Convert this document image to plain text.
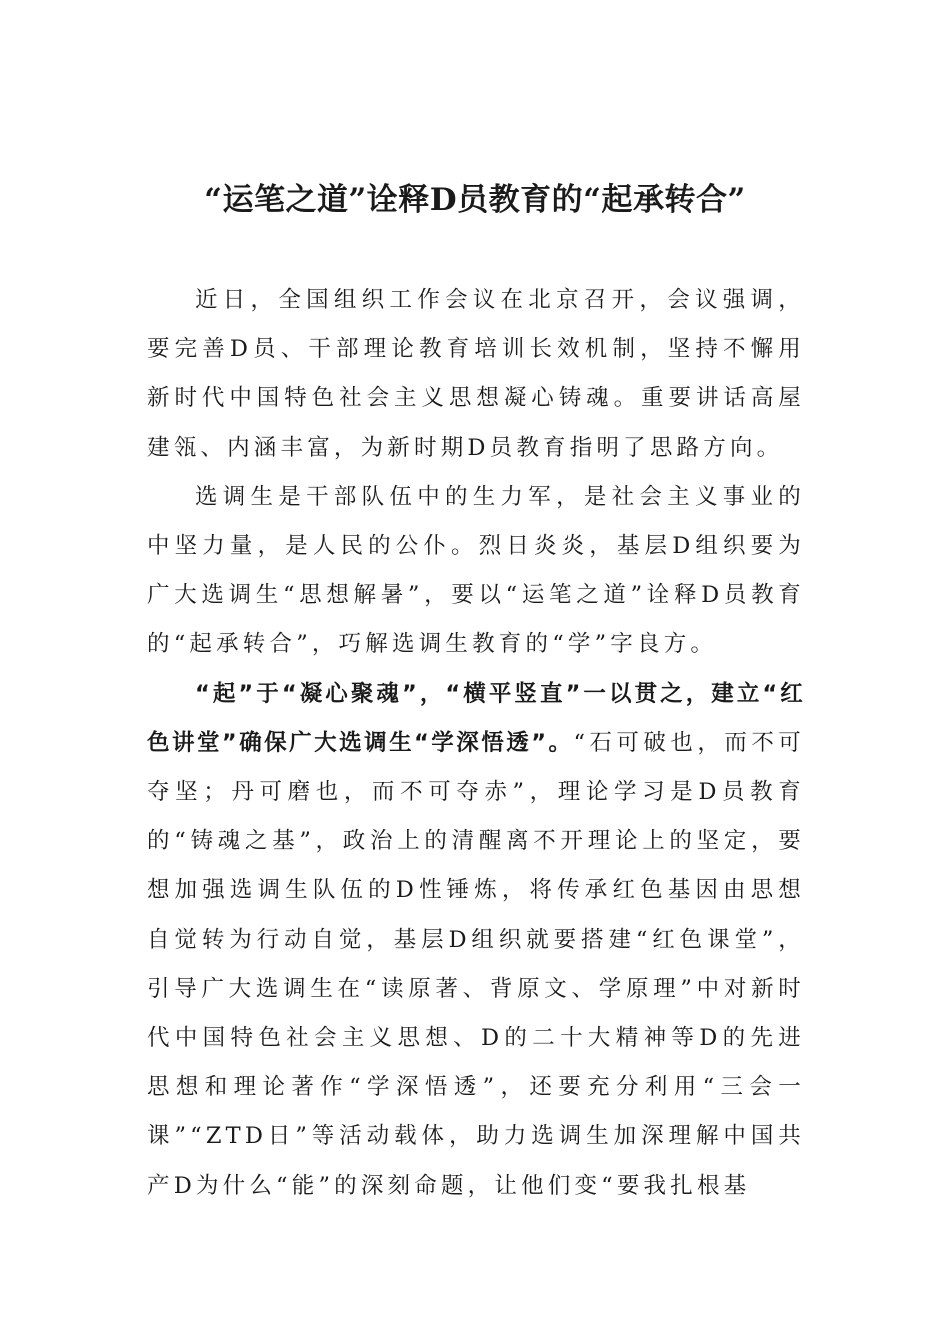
“运笔之道”诠释D员教育的“起承转合”

近日，全国组织工作会议在北京召开，会议强调，要完善D员、干部理论教育培训长效机制，坚持不懈用新时代中国特色社会主义思想凝心铸魂。重要讲话高屋建瓴、内涵丰富，为新时期D员教育指明了思路方向。

选调生是干部队伍中的生力军，是社会主义事业的中坚力量，是人民的公仆。烈日炎炎，基层D组织要为广大选调生“思想解暑”，要以“运笔之道”诠释D员教育的“起承转合”，巧解选调生教育的“学”字良方。

“起”于“凝心聚魂”，“横平竖直”一以贯之，建立“红色讲堂”确保广大选调生“学深悟透”。“石可破也，而不可夺坚；丹可磨也，而不可夺赤”，理论学习是D员教育的“铸魂之基”，政治上的清醒离不开理论上的坚定，要想加强选调生队伍的D性锤炼，将传承红色基因由思想自觉转为行动自觉，基层D组织就要搭建“红色课堂”，引导广大选调生在“读原著、背原文、学原理”中对新时代中国特色社会主义思想、D的二十大精神等D的先进思想和理论著作“学深悟透”，还要充分利用“三会一课”“ZTD日”等活动载体，助力选调生加深理解中国共产D为什么“能”的深刻命题，让他们变“要我扎根基
